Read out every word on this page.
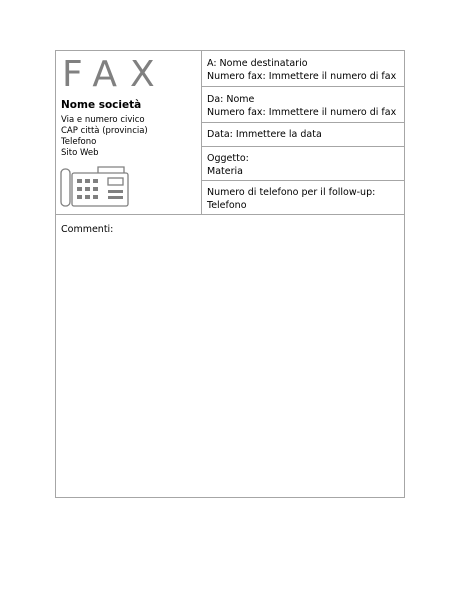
FAX
Nome società
Via e numero civico
CAP città (provincia)
Telefono
Sito Web
A: Nome destinatario
Numero fax: Immettere il numero di fax
Da: Nome
Numero fax: Immettere il numero di fax
Data: Immettere la data
Oggetto:
Materia
Numero di telefono per il follow-up:
Telefono
Commenti:
